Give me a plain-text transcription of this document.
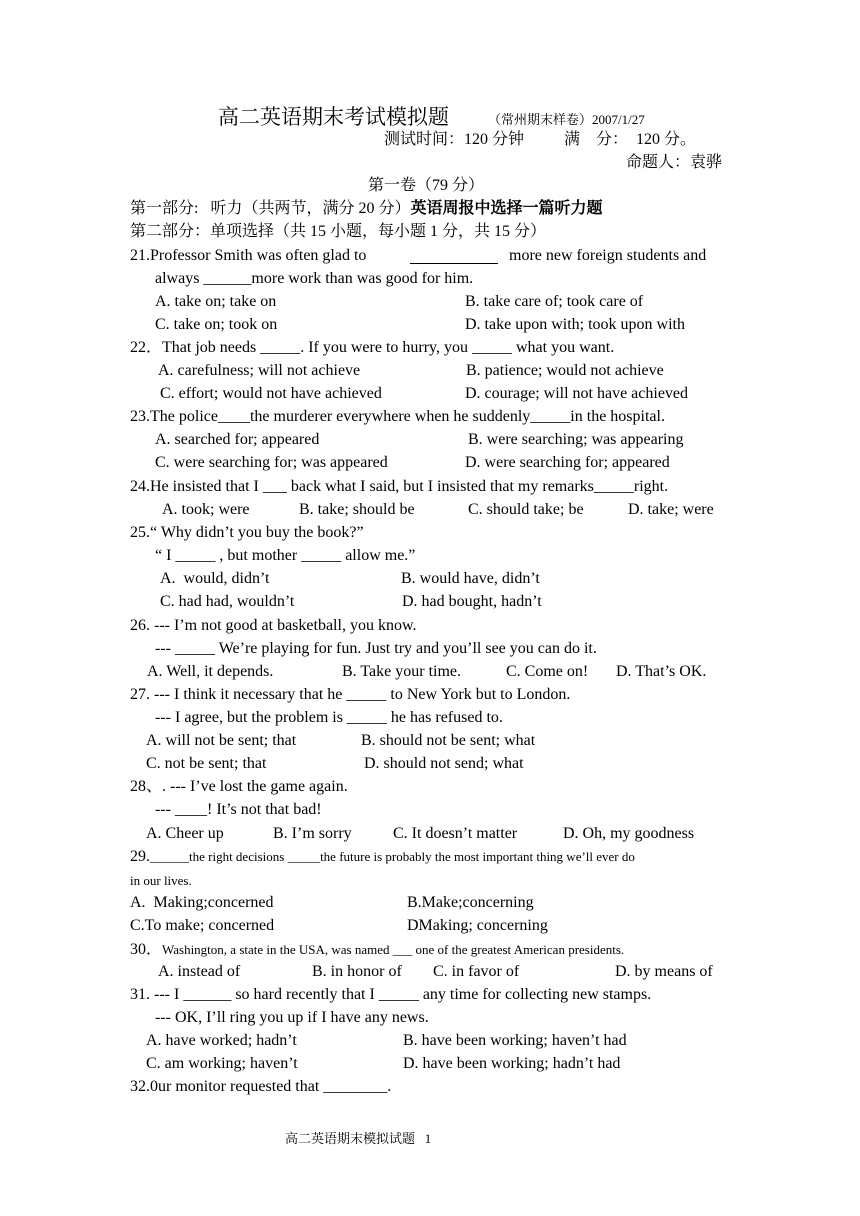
高二英语期末考试模拟题	（常州期末样卷）2007/1/27
测试时间：120 分钟          满    分：  120 分。
命题人：袁骅
第一卷（79 分）
第一部分:   听力（共两节，满分 20 分）英语周报中选择一篇听力题
第二部分：单项选择（共 15 小题，每小题 1 分，共 15 分）
21.Professor Smith was often glad to	more new foreign students and
always ______more work than was good for him.
A. take on; take on	B. take care of; took care of
C. take on; took on	D. take upon with; took upon with
22．That job needs _____. If you were to hurry, you _____ what you want.
A. carefulness; will not achieve	B. patience; would not achieve
C. effort; would not have achieved	D. courage; will not have achieved
23.The police____the murderer everywhere when he suddenly_____in the hospital.
A. searched for; appeared	B. were searching; was appearing
C. were searching for; was appeared	D. were searching for; appeared
24.He insisted that I ___ back what I said, but I insisted that my remarks_____right.
A. took; were	B. take; should be	C. should take; be	D. take; were
25.“ Why didn’t you buy the book?”
“ I _____ , but mother _____ allow me.”
A.  would, didn’t	B. would have, didn’t
C. had had, wouldn’t	D. had bought, hadn’t
26. --- I’m not good at basketball, you know.
--- _____ We’re playing for fun. Just try and you’ll see you can do it.
A. Well, it depends.	B. Take your time.	C. Come on! D. That’s OK.
27. --- I think it necessary that he _____ to New York but to London.
--- I agree, but the problem is _____ he has refused to.
A. will not be sent; that	B. should not be sent; what
C. not be sent; that	D. should not send; what
28、. --- I’ve lost the game again.
--- ____! It’s not that bad!
A. Cheer up	B. I’m sorry	C. It doesn’t matter	D. Oh, my goodness
29.______the right decisions _____the future is probably the most important thing we’ll ever do
in our lives.
A.  Making;concerned	B.Make;concerning
C.To make; concerned	DMaking; concerning
30．Washington, a state in the USA, was named ___ one of the greatest American presidents.
A. instead of	B. in honor of C. in favor of	D. by means of
31. --- I ______ so hard recently that I _____ any time for collecting new stamps.
--- OK, I’ll ring you up if I have any news.
A. have worked; hadn’t	B. have been working; haven’t had
C. am working; haven’t	D. have been working; hadn’t had
32.0ur monitor requested that ________.
高二英语期末模拟试题   1
